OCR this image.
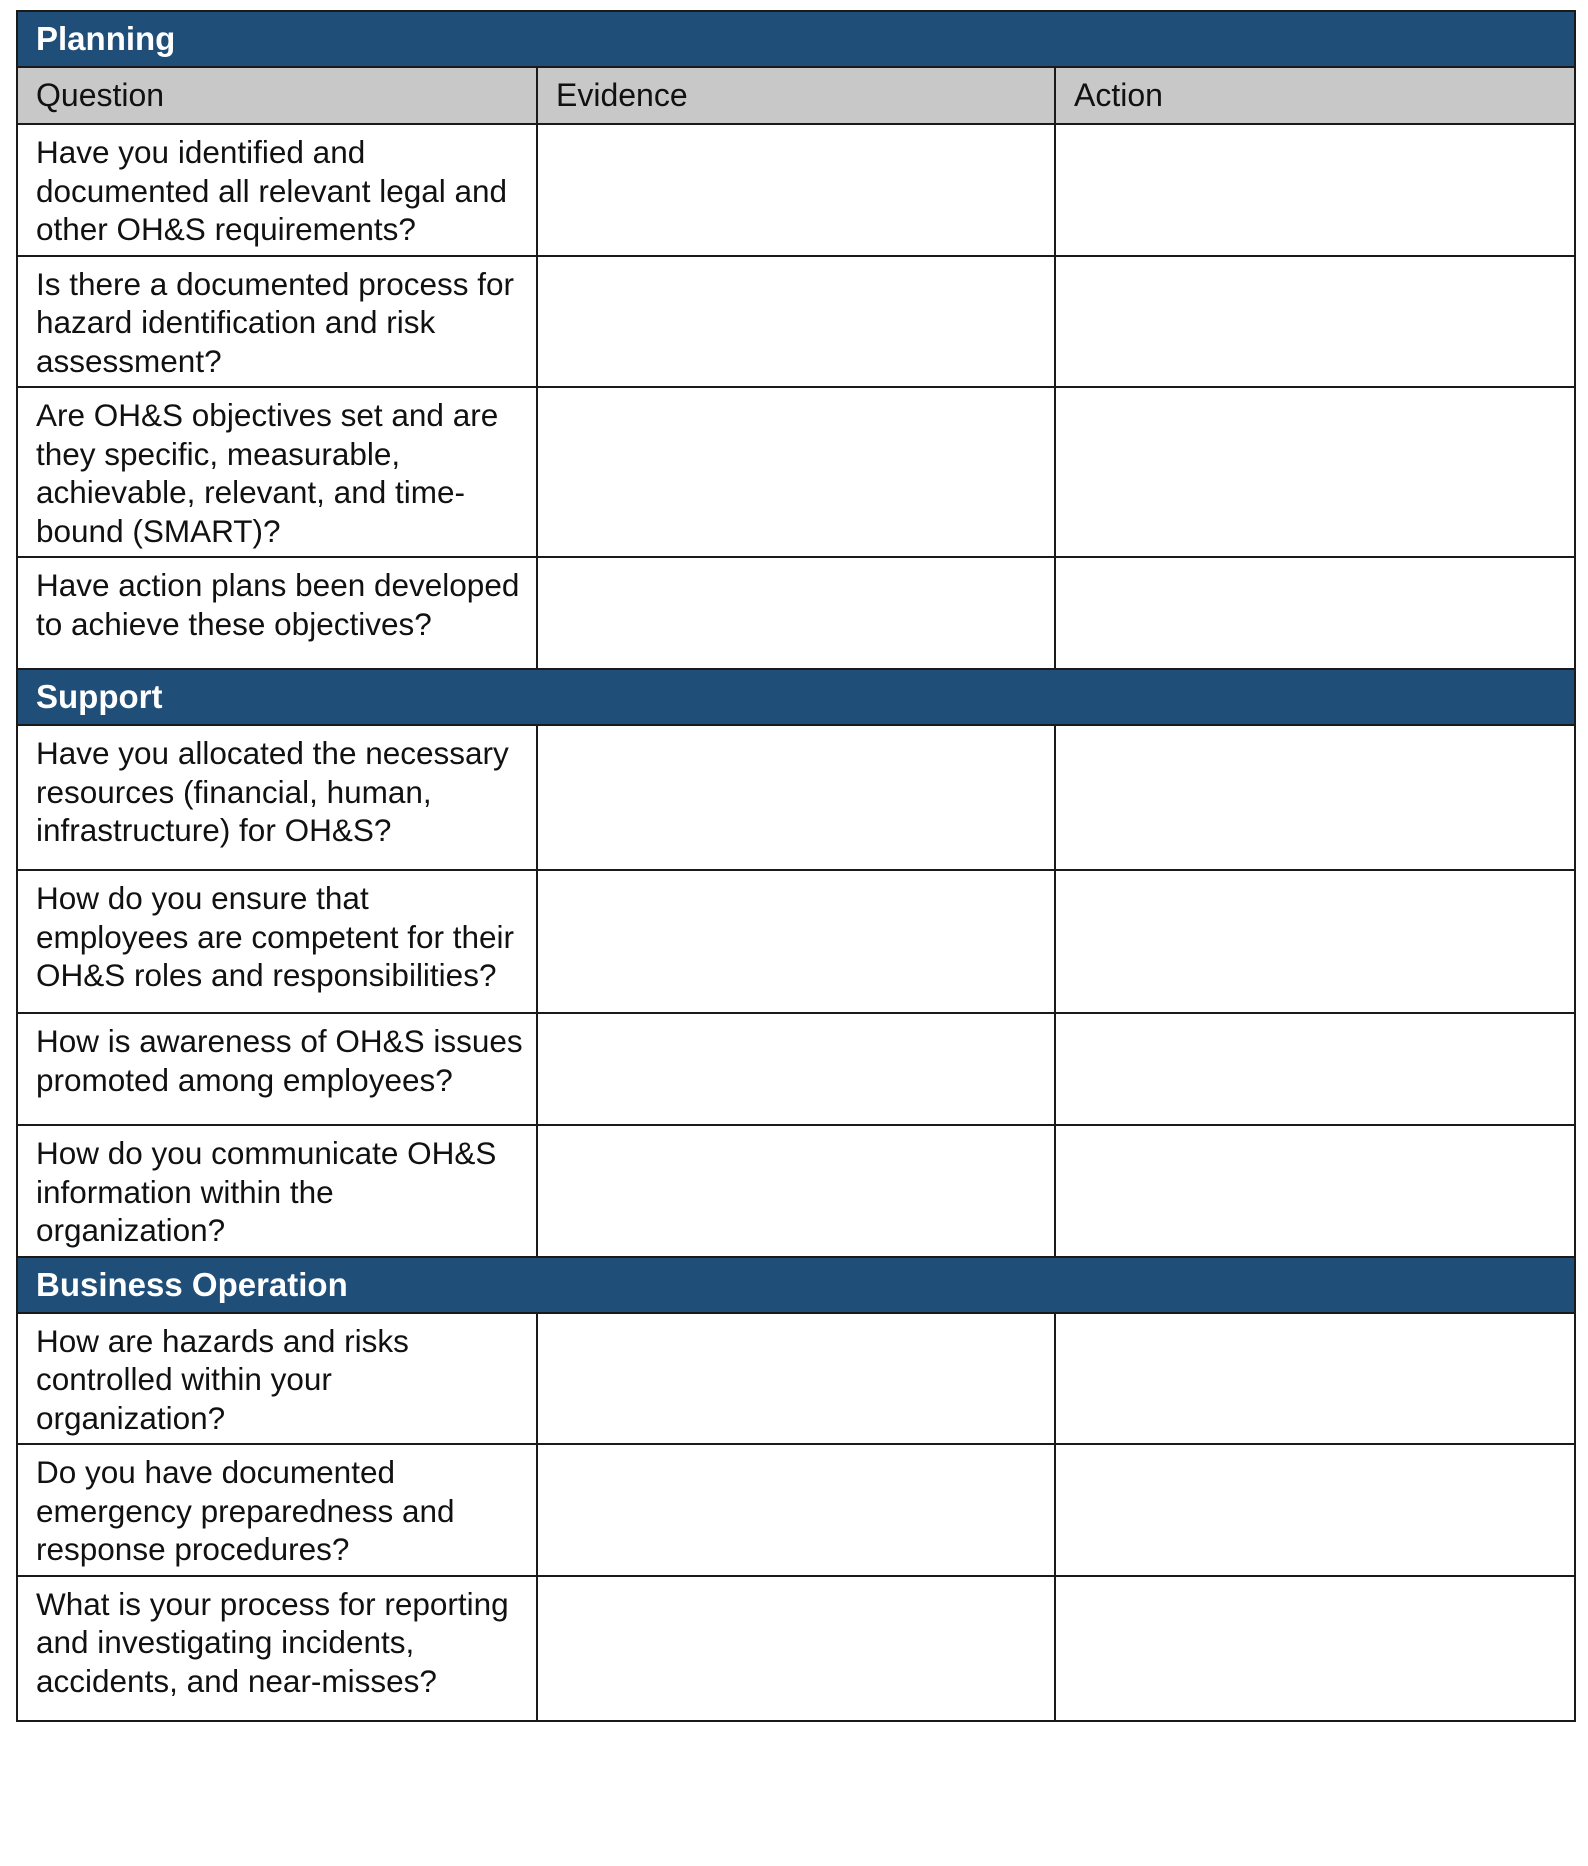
Planning		
Question	Evidence	Action
Have you identified and documented all relevant legal and other OH&S requirements?		
Is there a documented process for hazard identification and risk assessment?		
Are OH&S objectives set and are they specific, measurable, achievable, relevant, and time-bound (SMART)?		
Have action plans been developed to achieve these objectives?		
Support		
Have you allocated the necessary resources (financial, human, infrastructure) for OH&S?		
How do you ensure that employees are competent for their OH&S roles and responsibilities?		
How is awareness of OH&S issues promoted among employees?		
How do you communicate OH&S information within the organization?		
Business Operation		
How are hazards and risks controlled within your organization?		
Do you have documented emergency preparedness and response procedures?		
What is your process for reporting and investigating incidents, accidents, and near-misses?		
